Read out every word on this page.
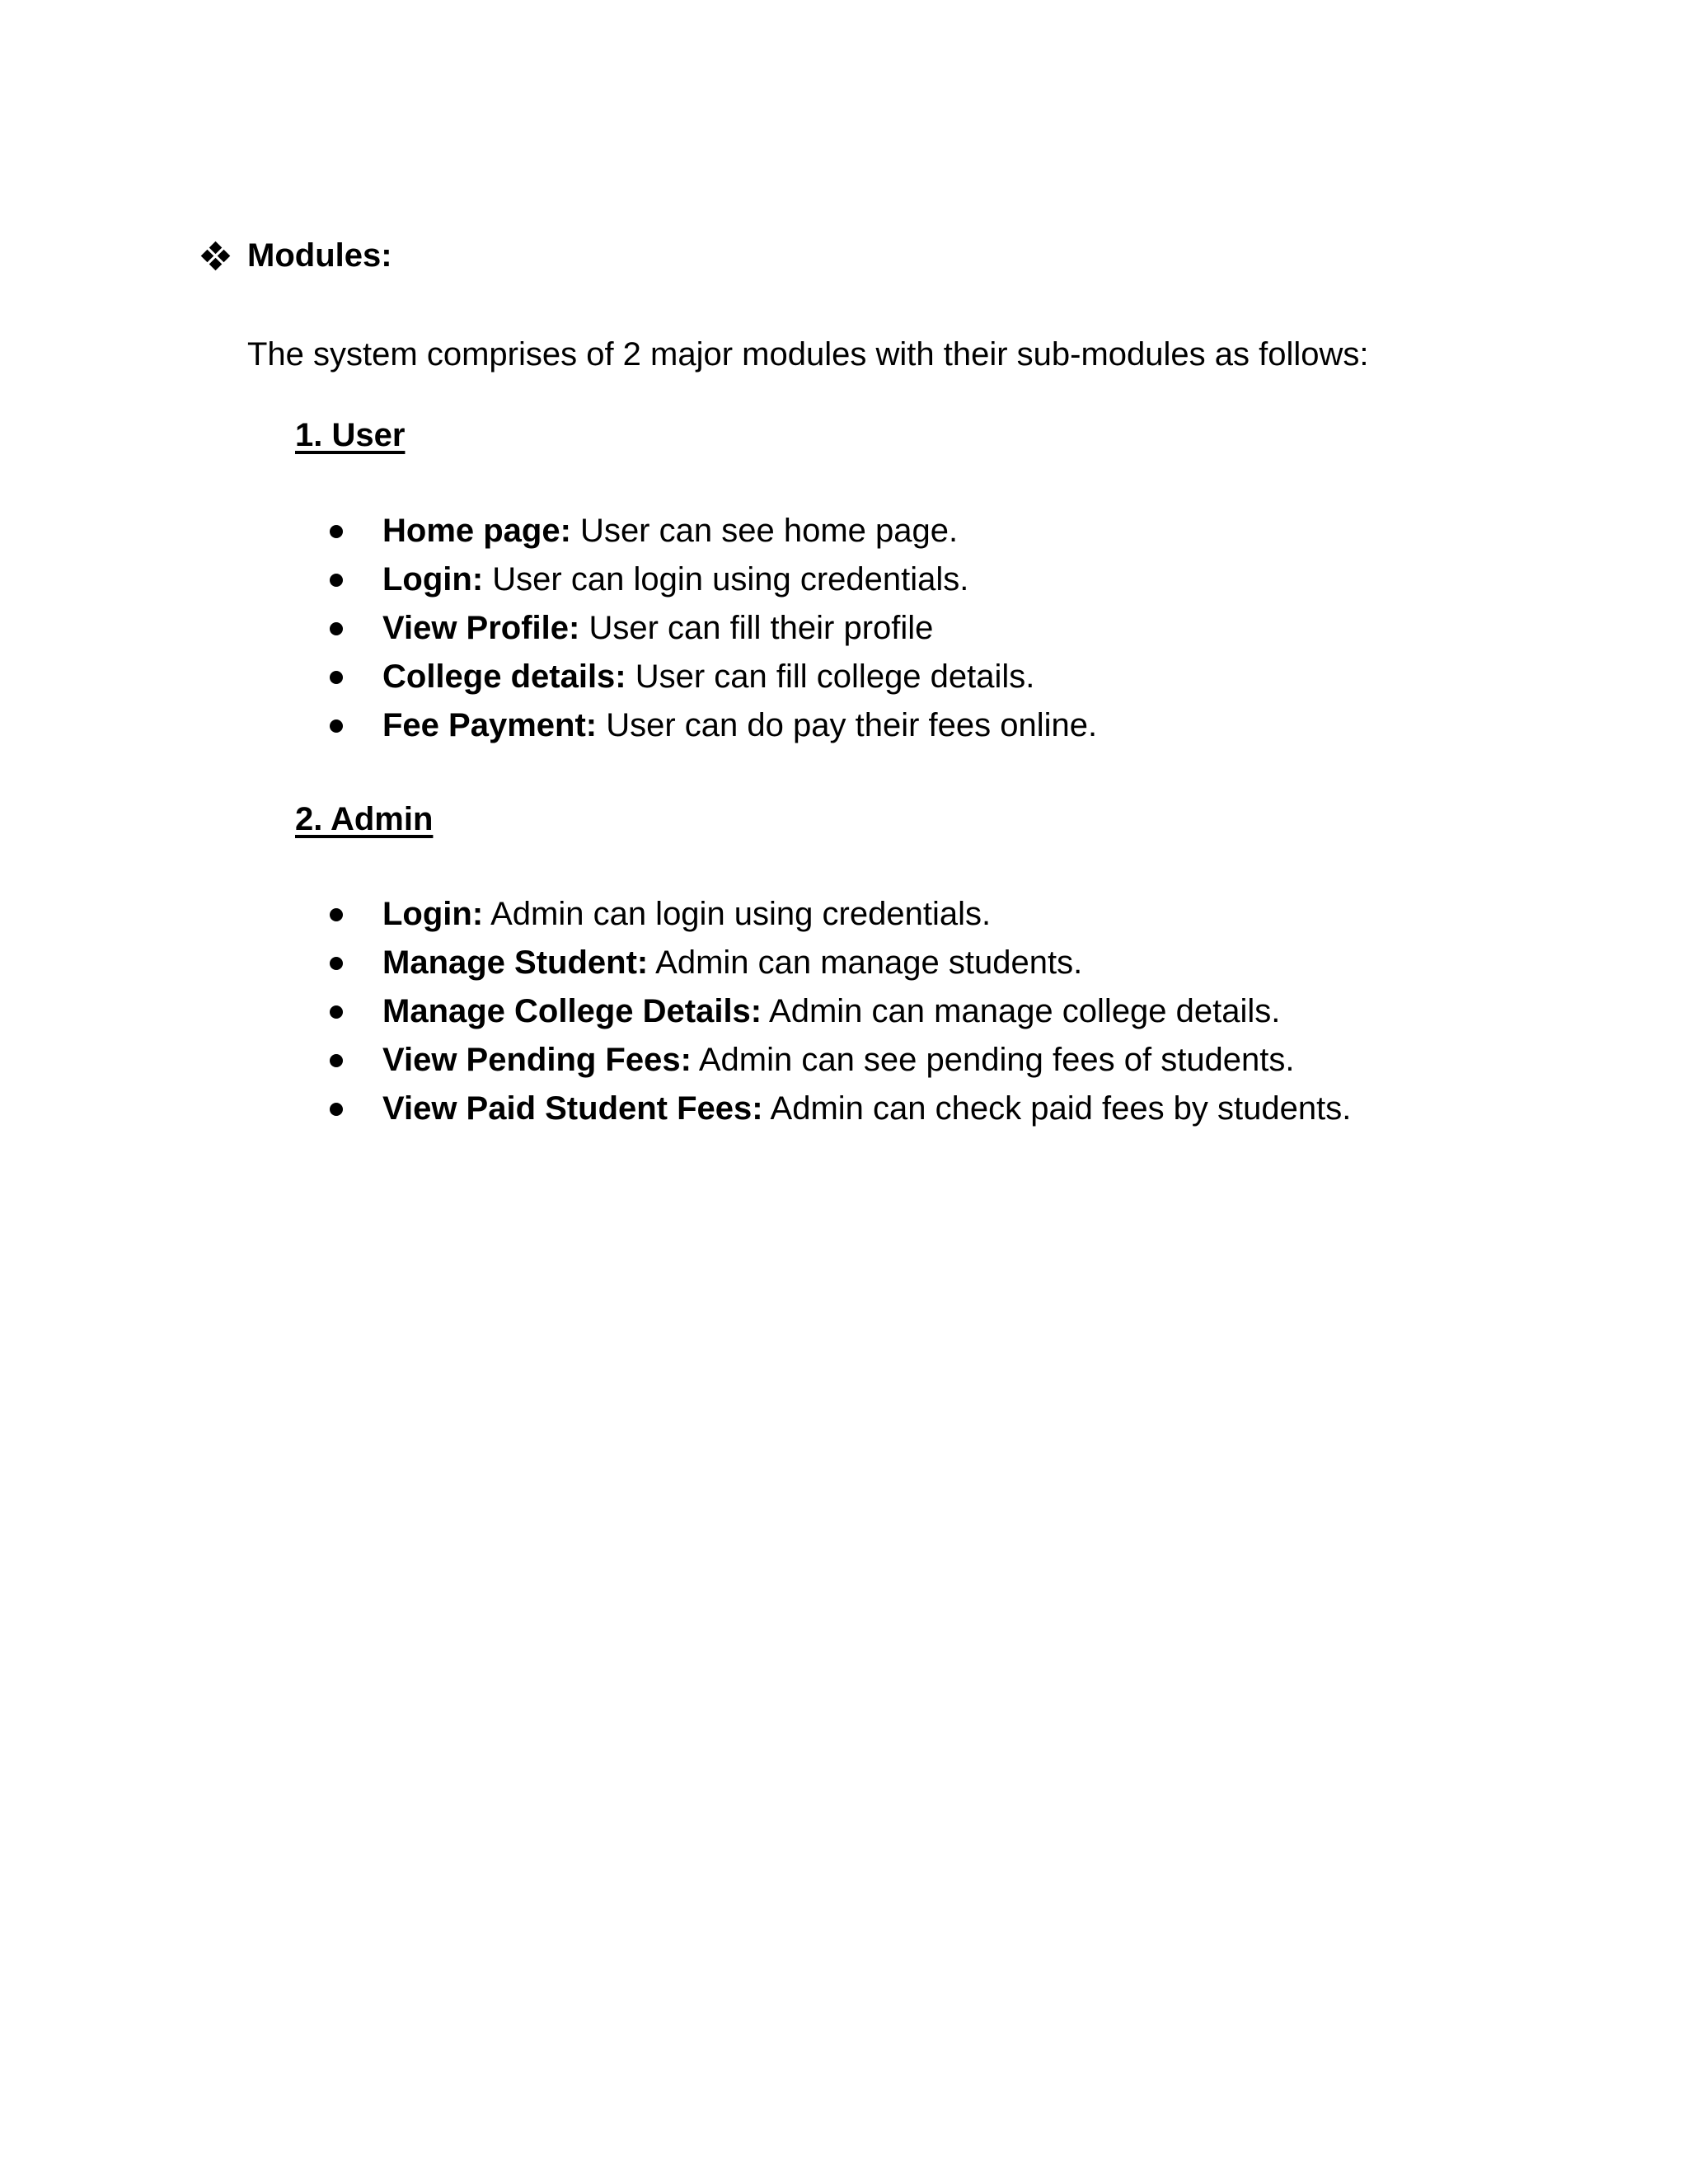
Modules:
The system comprises of 2 major modules with their sub-modules as follows:
1. User
Home page: User can see home page.
Login: User can login using credentials.
View Profile: User can fill their profile
College details: User can fill college details.
Fee Payment: User can do pay their fees online.
2. Admin
Login: Admin can login using credentials.
Manage Student: Admin can manage students.
Manage College Details: Admin can manage college details.
View Pending Fees: Admin can see pending fees of students.
View Paid Student Fees: Admin can check paid fees by students.
